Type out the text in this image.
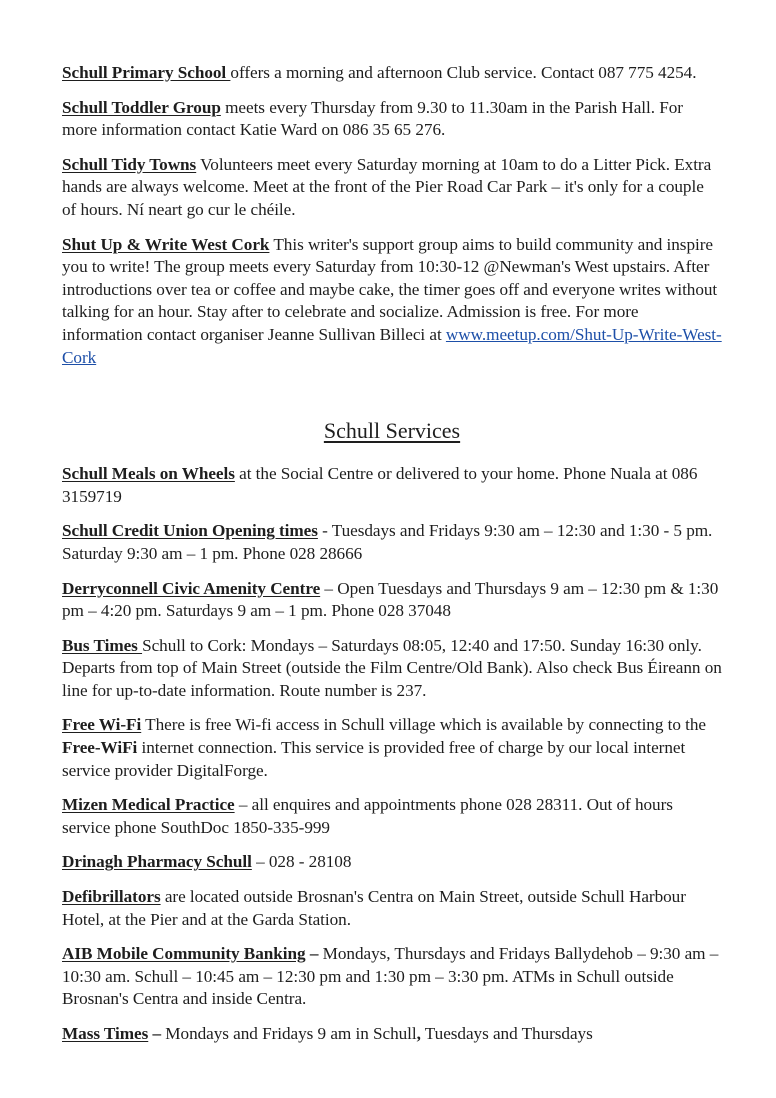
Schull Primary School offers a morning and afternoon Club service. Contact 087 775 4254.

Schull Toddler Group meets every Thursday from 9.30 to 11.30am in the Parish Hall. For more information contact Katie Ward on 086 35 65 276.

Schull Tidy Towns Volunteers meet every Saturday morning at 10am to do a Litter Pick. Extra hands are always welcome. Meet at the front of the Pier Road Car Park – it's only for a couple of hours. Ní neart go cur le chéile.

Shut Up & Write West Cork This writer's support group aims to build community and inspire you to write! The group meets every Saturday from 10:30-12 @Newman's West upstairs. After introductions over tea or coffee and maybe cake, the timer goes off and everyone writes without talking for an hour. Stay after to celebrate and socialize. Admission is free. For more information contact organiser Jeanne Sullivan Billeci at www.meetup.com/Shut-Up-Write-West-Cork

Schull Services

Schull Meals on Wheels at the Social Centre or delivered to your home. Phone Nuala at 086 3159719

Schull Credit Union Opening times - Tuesdays and Fridays 9:30 am – 12:30 and 1:30 - 5 pm. Saturday 9:30 am – 1 pm. Phone 028 28666

Derryconnell Civic Amenity Centre – Open Tuesdays and Thursdays 9 am – 12:30 pm & 1:30 pm – 4:20 pm. Saturdays 9 am – 1 pm. Phone 028 37048

Bus Times Schull to Cork: Mondays – Saturdays 08:05, 12:40 and 17:50. Sunday 16:30 only. Departs from top of Main Street (outside the Film Centre/Old Bank). Also check Bus Éireann on line for up-to-date information. Route number is 237.

Free Wi-Fi There is free Wi-fi access in Schull village which is available by connecting to the Free-WiFi internet connection. This service is provided free of charge by our local internet service provider DigitalForge.

Mizen Medical Practice – all enquires and appointments phone 028 28311. Out of hours service phone SouthDoc 1850-335-999

Drinagh Pharmacy Schull – 028 - 28108

Defibrillators are located outside Brosnan's Centra on Main Street, outside Schull Harbour Hotel, at the Pier and at the Garda Station.

AIB Mobile Community Banking – Mondays, Thursdays and Fridays Ballydehob – 9:30 am – 10:30 am. Schull – 10:45 am – 12:30 pm and 1:30 pm – 3:30 pm. ATMs in Schull outside Brosnan's Centra and inside Centra.

Mass Times – Mondays and Fridays 9 am in Schull, Tuesdays and Thursdays
